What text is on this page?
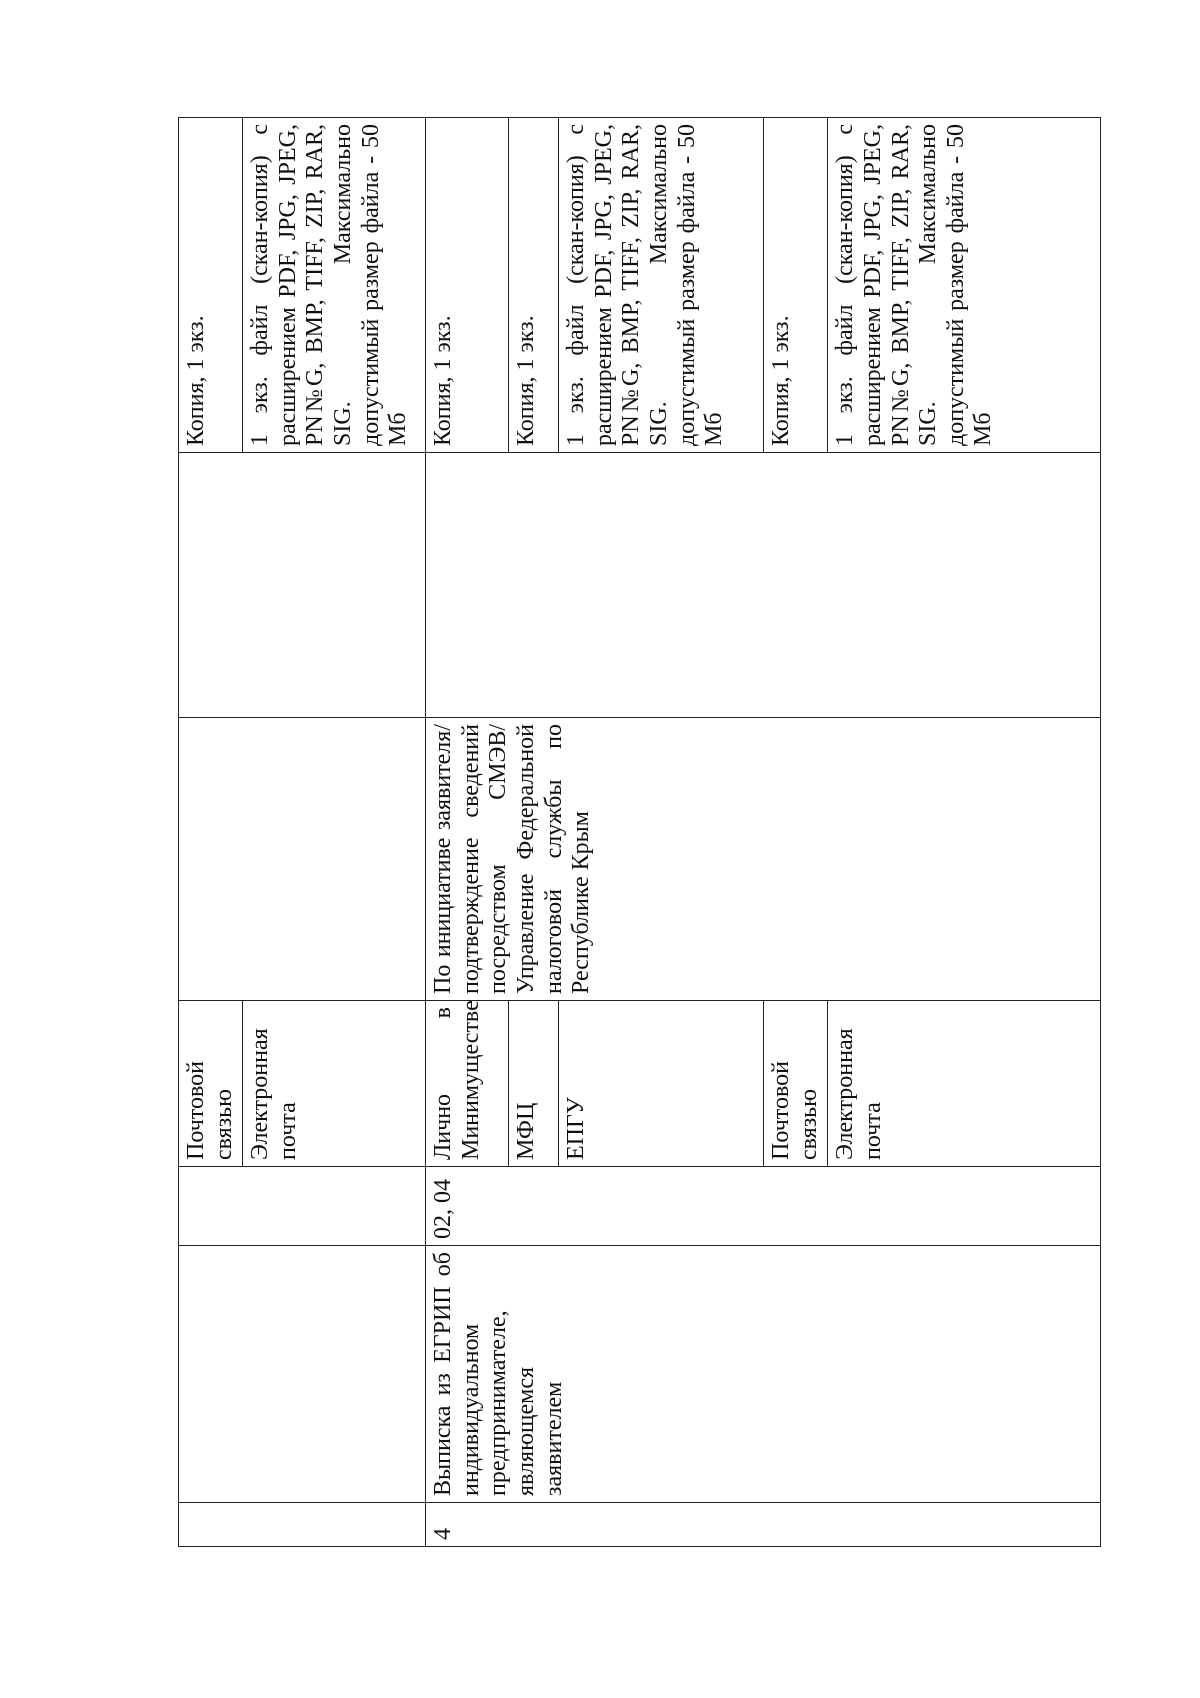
			Почтовой связью			Копия, 1 экз.

			Электронная почта			1 экз. файл (скан-копия) с расширением PDF, JPG, JPEG, PN№G, BMP, TIFF, ZIP, RAR, SIG. Максимально допустимый размер файла - 50 Мб

4	Выписка из ЕГРИП об индивидуальном предпринимателе, являющемся заявителем	02, 04	Лично в Минимуществе	По инициативе заявителя/подтверждение сведений посредством СМЭВ/Управление Федеральной налоговой службы по Республике Крым		Копия, 1 экз.

			МФЦ			Копия, 1 экз.

			ЕПГУ			1 экз. файл (скан-копия) с расширением PDF, JPG, JPEG, PN№G, BMP, TIFF, ZIP, RAR, SIG. Максимально допустимый размер файла - 50 Мб

			Почтовой связью			Копия, 1 экз.

			Электронная почта			1 экз. файл (скан-копия) с расширением PDF, JPG, JPEG, PN№G, BMP, TIFF, ZIP, RAR, SIG. Максимально допустимый размер файла - 50 Мб
